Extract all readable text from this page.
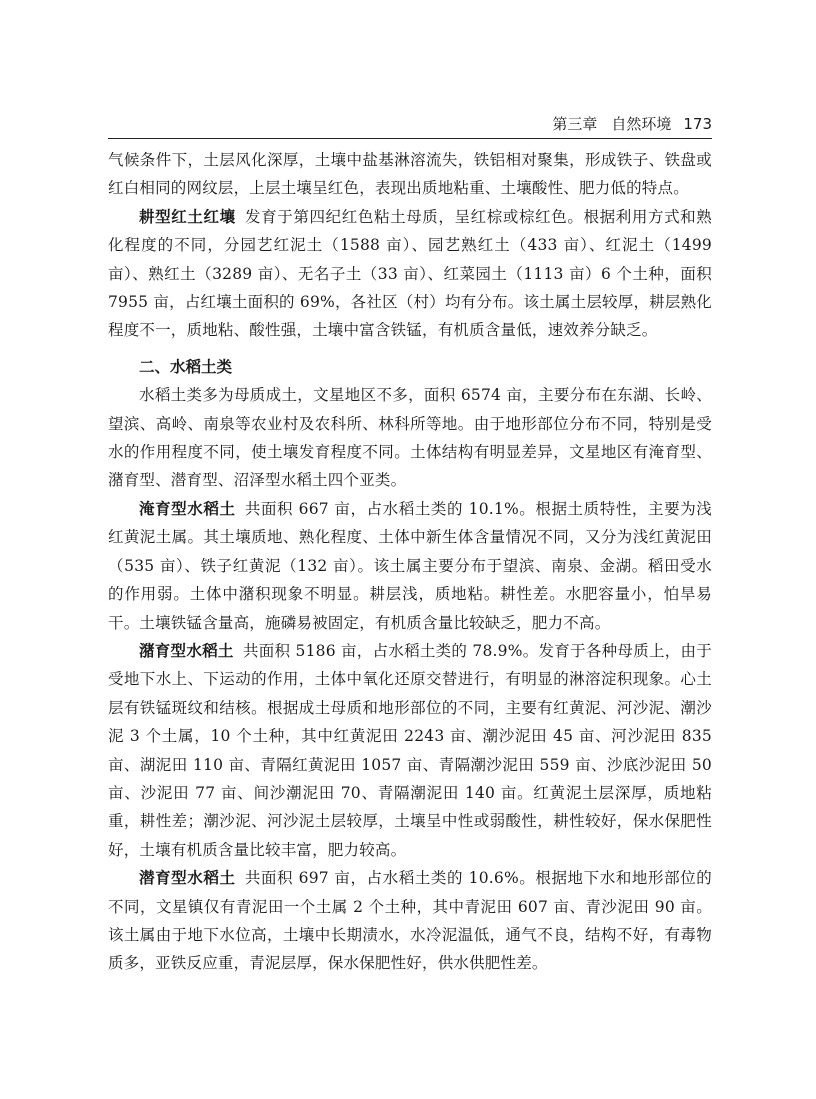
第三章 自然环境 173

气候条件下，土层风化深厚，土壤中盐基淋溶流失，铁铝相对聚集，形成铁子、铁盘或红白相同的网纹层，上层土壤呈红色，表现出质地粘重、土壤酸性、肥力低的特点。

耕型红土红壤 发育于第四纪红色粘土母质，呈红棕或棕红色。根据利用方式和熟化程度的不同，分园艺红泥土（1588 亩）、园艺熟红土（433 亩）、红泥土（1499 亩）、熟红土（3289 亩）、无名子土（33 亩）、红菜园土（1113 亩）6 个土种，面积 7955 亩，占红壤土面积的 69%，各社区（村）均有分布。该土属土层较厚，耕层熟化程度不一，质地粘、酸性强，土壤中富含铁锰，有机质含量低，速效养分缺乏。

二、水稻土类

水稻土类多为母质成土，文星地区不多，面积 6574 亩，主要分布在东湖、长岭、望滨、高岭、南泉等农业村及农科所、林科所等地。由于地形部位分布不同，特别是受水的作用程度不同，使土壤发育程度不同。土体结构有明显差异，文星地区有淹育型、潴育型、潜育型、沼泽型水稻土四个亚类。

淹育型水稻土 共面积 667 亩，占水稻土类的 10.1%。根据土质特性，主要为浅红黄泥土属。其土壤质地、熟化程度、土体中新生体含量情况不同，又分为浅红黄泥田（535 亩）、铁子红黄泥（132 亩）。该土属主要分布于望滨、南泉、金湖。稻田受水的作用弱。土体中潴积现象不明显。耕层浅，质地粘。耕性差。水肥容量小，怕旱易干。土壤铁锰含量高，施磷易被固定，有机质含量比较缺乏，肥力不高。

潴育型水稻土 共面积 5186 亩，占水稻土类的 78.9%。发育于各种母质上，由于受地下水上、下运动的作用，土体中氧化还原交替进行，有明显的淋溶淀积现象。心土层有铁锰斑纹和结核。根据成土母质和地形部位的不同，主要有红黄泥、河沙泥、潮沙泥 3 个土属，10 个土种，其中红黄泥田 2243 亩、潮沙泥田 45 亩、河沙泥田 835 亩、湖泥田 110 亩、青隔红黄泥田 1057 亩、青隔潮沙泥田 559 亩、沙底沙泥田 50 亩、沙泥田 77 亩、间沙潮泥田 70、青隔潮泥田 140 亩。红黄泥土层深厚，质地粘重，耕性差；潮沙泥、河沙泥土层较厚，土壤呈中性或弱酸性，耕性较好，保水保肥性好，土壤有机质含量比较丰富，肥力较高。

潜育型水稻土 共面积 697 亩，占水稻土类的 10.6%。根据地下水和地形部位的不同，文星镇仅有青泥田一个土属 2 个土种，其中青泥田 607 亩、青沙泥田 90 亩。该土属由于地下水位高，土壤中长期渍水，水冷泥温低，通气不良，结构不好，有毒物质多，亚铁反应重，青泥层厚，保水保肥性好，供水供肥性差。
